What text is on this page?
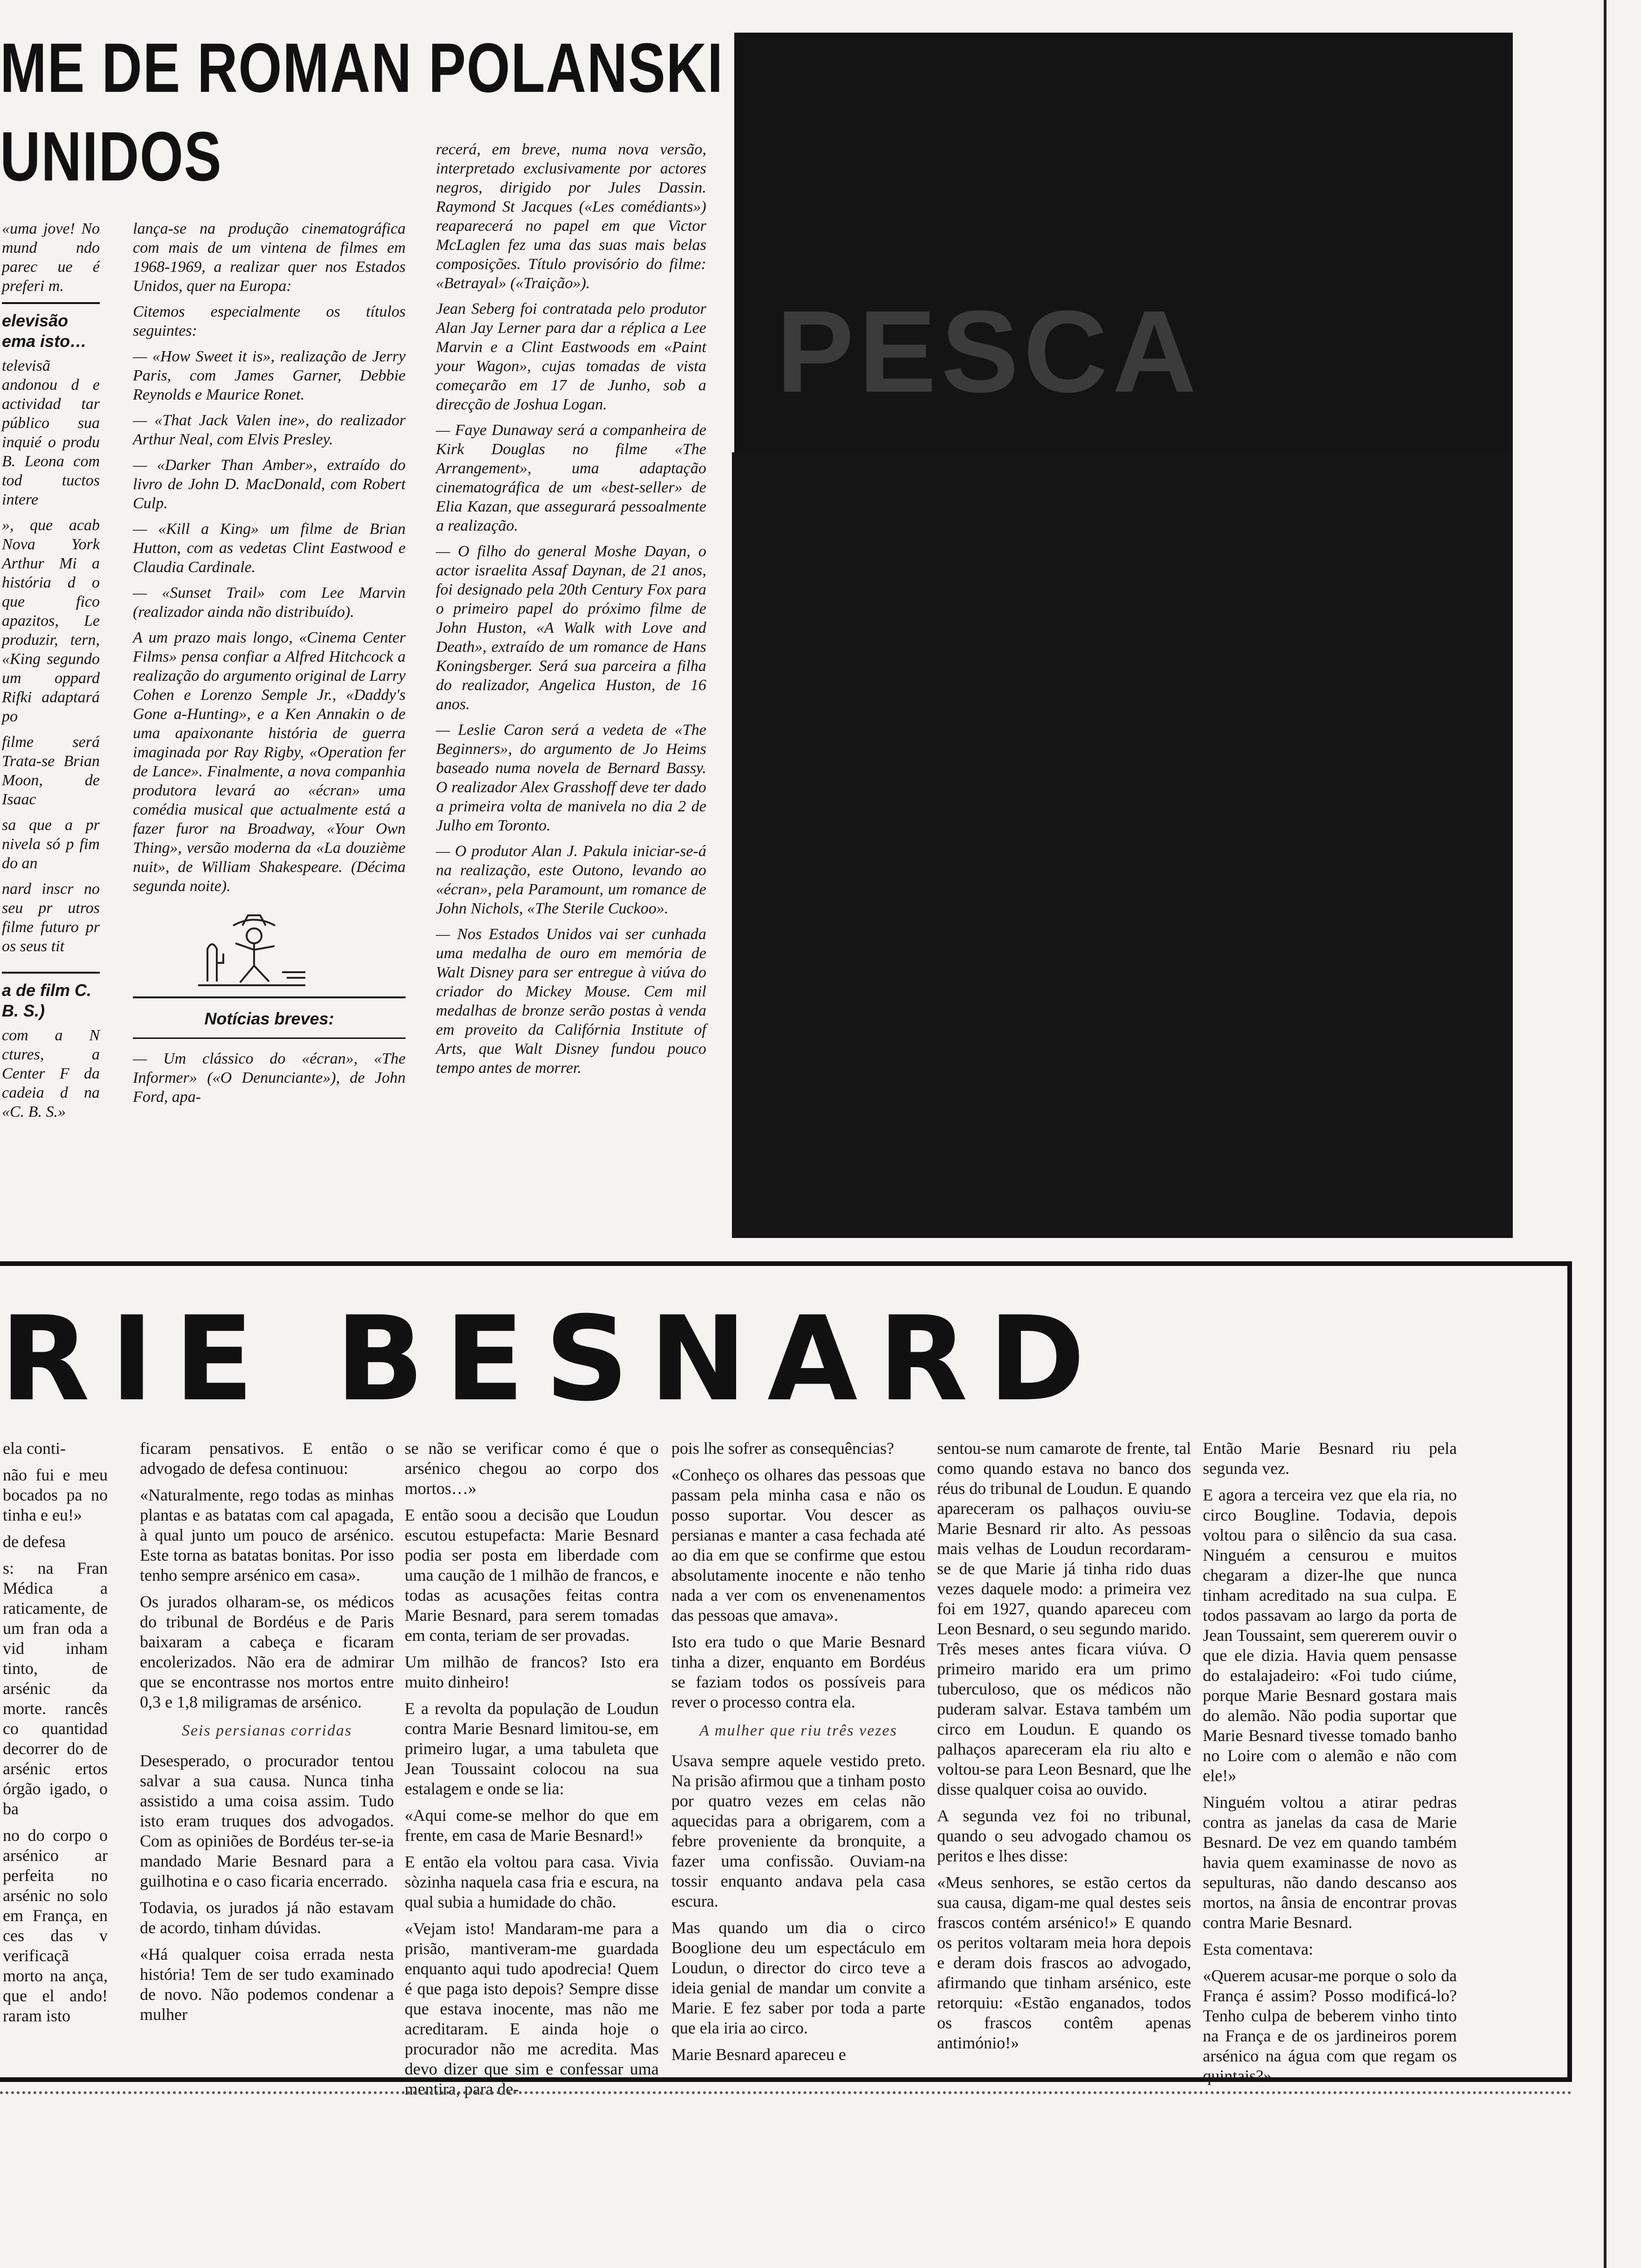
ME DE ROMAN POLANSKI
UNIDOS

«uma jove! No mund ndo parec ue é preferi m.

elevisão ema isto…

televisã andonou d e actividad tar público sua inquié o produ B. Leona com tod tuctos intere

», que acab Nova York Arthur Mi a história d o que fico apazitos, Le produzir, tern, «King segundo um oppard Rifki adaptará po

filme será Trata-se Brian Moon, de Isaac

sa que a pr nivela só p fim do an

nard inscr no seu pr utros filme futuro pr os seus tit

a de film C. B. S.)

com a N ctures, a Center F da cadeia d na «C. B. S.»

lança-se na produção cinematográfica com mais de um vintena de filmes em 1968-1969, a realizar quer nos Estados Unidos, quer na Europa:

Citemos especialmente os títulos seguintes:

— «How Sweet it is», realização de Jerry Paris, com James Garner, Debbie Reynolds e Maurice Ronet.

— «That Jack Valen ine», do realizador Arthur Neal, com Elvis Presley.

— «Darker Than Amber», extraído do livro de John D. MacDonald, com Robert Culp.

— «Kill a King» um filme de Brian Hutton, com as vedetas Clint Eastwood e Claudia Cardinale.

— «Sunset Trail» com Lee Marvin (realizador ainda não distribuído).

A um prazo mais longo, «Cinema Center Films» pensa confiar a Alfred Hitchcock a realização do argumento original de Larry Cohen e Lorenzo Semple Jr., «Daddy's Gone a-Hunting», e a Ken Annakin o de uma apaixonante história de guerra imaginada por Ray Rigby, «Operation fer de Lance». Finalmente, a nova companhia produtora levará ao «écran» uma comédia musical que actualmente está a fazer furor na Broadway, «Your Own Thing», versão moderna da «La douzième nuit», de William Shakespeare. (Décima segunda noite).

Notícias breves:

— Um clássico do «écran», «The Informer» («O Denunciante»), de John Ford, apa-

recerá, em breve, numa nova versão, interpretado exclusivamente por actores negros, dirigido por Jules Dassin. Raymond St Jacques («Les comédiants») reaparecerá no papel em que Victor McLaglen fez uma das suas mais belas composições. Título provisório do filme: «Betrayal» («Traição»).

Jean Seberg foi contratada pelo produtor Alan Jay Lerner para dar a réplica a Lee Marvin e a Clint Eastwoods em «Paint your Wagon», cujas tomadas de vista começarão em 17 de Junho, sob a direcção de Joshua Logan.

— Faye Dunaway será a companheira de Kirk Douglas no filme «The Arrangement», uma adaptação cinematográfica de um «best-seller» de Elia Kazan, que assegurará pessoalmente a realização.

— O filho do general Moshe Dayan, o actor israelita Assaf Daynan, de 21 anos, foi designado pela 20th Century Fox para o primeiro papel do próximo filme de John Huston, «A Walk with Love and Death», extraído de um romance de Hans Koningsberger. Será sua parceira a filha do realizador, Angelica Huston, de 16 anos.

— Leslie Caron será a vedeta de «The Beginners», do argumento de Jo Heims baseado numa novela de Bernard Bassy. O realizador Alex Grasshoff deve ter dado a primeira volta de manivela no dia 2 de Julho em Toronto.

— O produtor Alan J. Pakula iniciar-se-á na realização, este Outono, levando ao «écran», pela Paramount, um romance de John Nichols, «The Sterile Cuckoo».

— Nos Estados Unidos vai ser cunhada uma medalha de ouro em memória de Walt Disney para ser entregue à viúva do criador do Mickey Mouse. Cem mil medalhas de bronze serão postas à venda em proveito da Califórnia Institute of Arts, que Walt Disney fundou pouco tempo antes de morrer.

PESCA
RIE BESNARD

ela conti-

não fui e meu bocados pa no tinha e eu!»

de defesa

s: na Fran Médica a raticamente, de um fran oda a vid inham tinto, de arsénic da morte. rancês co quantidad decorrer do de arsénic ertos órgão igado, o ba

no do corpo o arsénico ar perfeita no arsénic no solo em França, en ces das v verificaçã morto na ança, que el ando! raram isto

ficaram pensativos. E então o advogado de defesa continuou:

«Naturalmente, rego todas as minhas plantas e as batatas com cal apagada, à qual junto um pouco de arsénico. Este torna as batatas bonitas. Por isso tenho sempre arsénico em casa».

Os jurados olharam-se, os médicos do tribunal de Bordéus e de Paris baixaram a cabeça e ficaram encolerizados. Não era de admirar que se encontrasse nos mortos entre 0,3 e 1,8 miligramas de arsénico.

Seis persianas corridas

Desesperado, o procurador tentou salvar a sua causa. Nunca tinha assistido a uma coisa assim. Tudo isto eram truques dos advogados. Com as opiniões de Bordéus ter-se-ia mandado Marie Besnard para a guilhotina e o caso ficaria encerrado.

Todavia, os jurados já não estavam de acordo, tinham dúvidas.

«Há qualquer coisa errada nesta história! Tem de ser tudo examinado de novo. Não podemos condenar a mulher

se não se verificar como é que o arsénico chegou ao corpo dos mortos…»

E então soou a decisão que Loudun escutou estupefacta: Marie Besnard podia ser posta em liberdade com uma caução de 1 milhão de francos, e todas as acusações feitas contra Marie Besnard, para serem tomadas em conta, teriam de ser provadas.

Um milhão de francos? Isto era muito dinheiro!

E a revolta da população de Loudun contra Marie Besnard limitou-se, em primeiro lugar, a uma tabuleta que Jean Toussaint colocou na sua estalagem e onde se lia:

«Aqui come-se melhor do que em frente, em casa de Marie Besnard!»

E então ela voltou para casa. Vivia sòzinha naquela casa fria e escura, na qual subia a humidade do chão.

«Vejam isto! Mandaram-me para a prisão, mantiveram-me guardada enquanto aqui tudo apodrecia! Quem é que paga isto depois? Sempre disse que estava inocente, mas não me acreditaram. E ainda hoje o procurador não me acredita. Mas devo dizer que sim e confessar uma mentira, para de-

pois lhe sofrer as consequências?

«Conheço os olhares das pessoas que passam pela minha casa e não os posso suportar. Vou descer as persianas e manter a casa fechada até ao dia em que se confirme que estou absolutamente inocente e não tenho nada a ver com os envenenamentos das pessoas que amava».

Isto era tudo o que Marie Besnard tinha a dizer, enquanto em Bordéus se faziam todos os possíveis para rever o processo contra ela.

A mulher que riu três vezes

Usava sempre aquele vestido preto. Na prisão afirmou que a tinham posto por quatro vezes em celas não aquecidas para a obrigarem, com a febre proveniente da bronquite, a fazer uma confissão. Ouviam-na tossir enquanto andava pela casa escura.

Mas quando um dia o circo Booglione deu um espectáculo em Loudun, o director do circo teve a ideia genial de mandar um convite a Marie. E fez saber por toda a parte que ela iria ao circo.

Marie Besnard apareceu e

sentou-se num camarote de frente, tal como quando estava no banco dos réus do tribunal de Loudun. E quando apareceram os palhaços ouviu-se Marie Besnard rir alto. As pessoas mais velhas de Loudun recordaram-se de que Marie já tinha rido duas vezes daquele modo: a primeira vez foi em 1927, quando apareceu com Leon Besnard, o seu segundo marido. Três meses antes ficara viúva. O primeiro marido era um primo tuberculoso, que os médicos não puderam salvar. Estava também um circo em Loudun. E quando os palhaços apareceram ela riu alto e voltou-se para Leon Besnard, que lhe disse qualquer coisa ao ouvido.

A segunda vez foi no tribunal, quando o seu advogado chamou os peritos e lhes disse:

«Meus senhores, se estão certos da sua causa, digam-me qual destes seis frascos contém arsénico!» E quando os peritos voltaram meia hora depois e deram dois frascos ao advogado, afirmando que tinham arsénico, este retorquiu: «Estão enganados, todos os frascos contêm apenas antimónio!»

Então Marie Besnard riu pela segunda vez.

E agora a terceira vez que ela ria, no circo Bougline. Todavia, depois voltou para o silêncio da sua casa. Ninguém a censurou e muitos chegaram a dizer-lhe que nunca tinham acreditado na sua culpa. E todos passavam ao largo da porta de Jean Toussaint, sem quererem ouvir o que ele dizia. Havia quem pensasse do estalajadeiro: «Foi tudo ciúme, porque Marie Besnard gostara mais do alemão. Não podia suportar que Marie Besnard tivesse tomado banho no Loire com o alemão e não com ele!»

Ninguém voltou a atirar pedras contra as janelas da casa de Marie Besnard. De vez em quando também havia quem examinasse de novo as sepulturas, não dando descanso aos mortos, na ânsia de encontrar provas contra Marie Besnard.

Esta comentava:

«Querem acusar-me porque o solo da França é assim? Posso modificá-lo? Tenho culpa de beberem vinho tinto na França e de os jardineiros porem arsénico na água com que regam os quintais?»
